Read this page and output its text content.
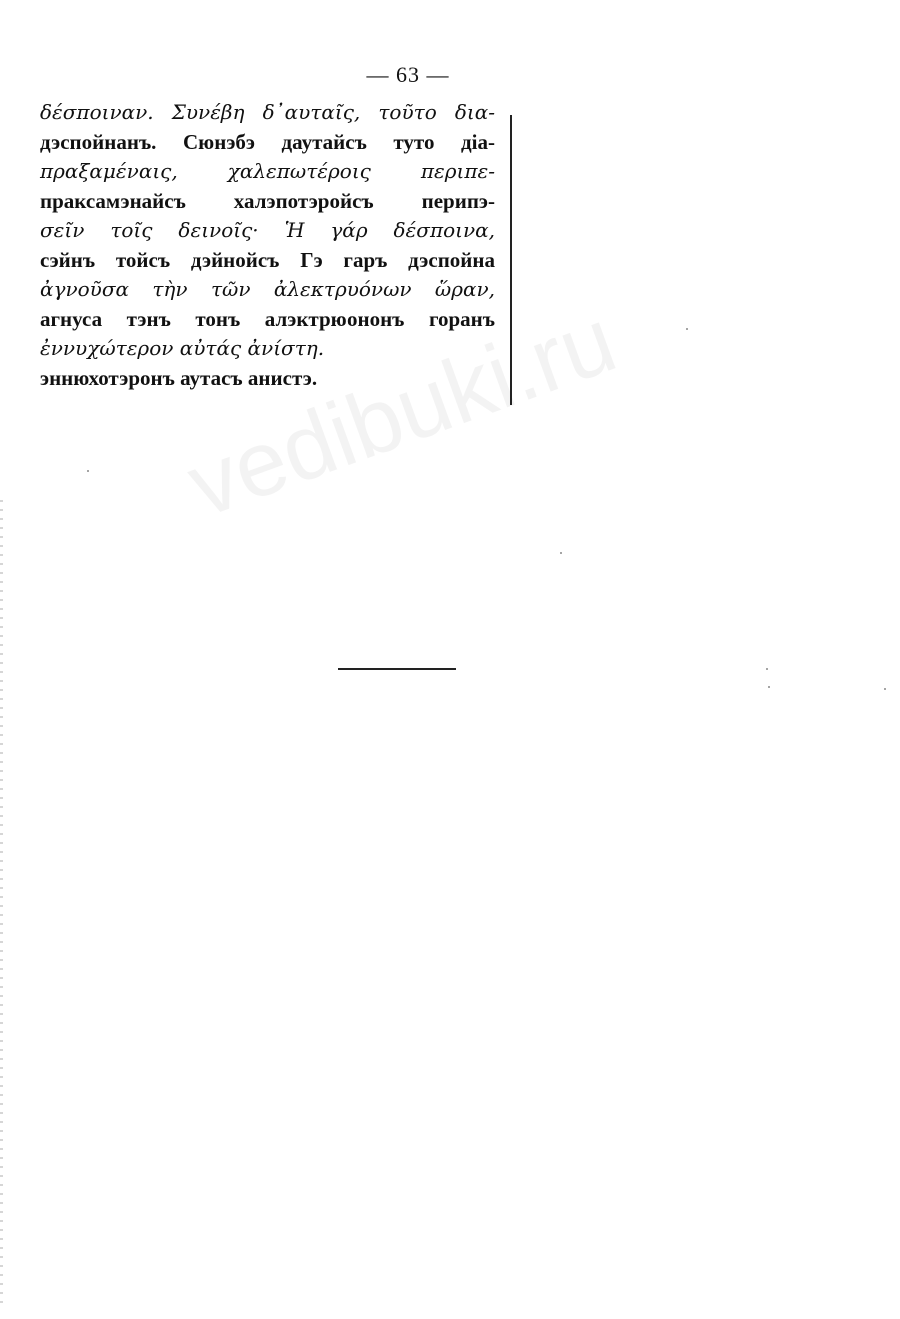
— 63 —
δέσποιναν. Συνέβη δ᾽αυταῖς, τοῦτο δια-
дэспойнанъ. Сюнэбэ даутайсъ туто діа-
πραξαμέναις, χαλεπωτέροις περιπε-
праксамэнайсъ халэпотэройсъ перипэ-
σεῖν τοῖς δεινοῖς· Ἡ γάρ δέσποινα,
сэйнъ тойсъ дэйнойсъ Гэ гаръ дэспойна
ἀγνοῦσα τὴν τῶν ἀλεκτρυόνων ὥραν,
агнуса тэнъ тонъ алэктрюононъ горанъ
ἐννυχώτερον αὐτάς ἀνίστη.
эннюхотэронъ аутасъ анистэ.
